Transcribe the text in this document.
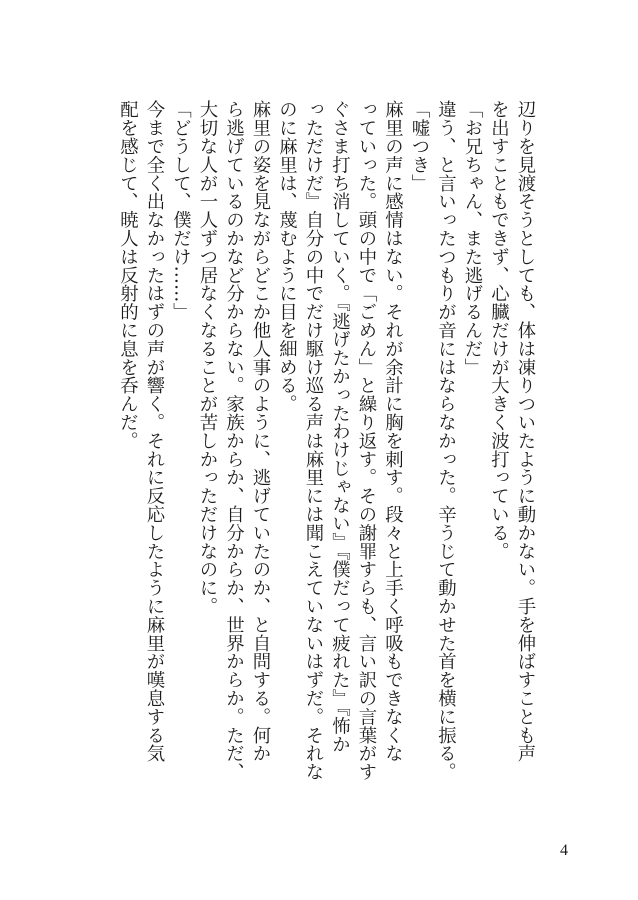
辺りを見渡そうとしても、体は凍りついたように動かない。手を伸ばすことも声

を出すこともできず、心臓だけが大きく波打っている。

「お兄ちゃん、また逃げるんだ」

違う、と言いったつもりが音にはならなかった。辛うじて動かせた首を横に振る。

「嘘つき」

麻里の声に感情はない。それが余計に胸を刺す。段々と上手く呼吸もできなくな

っていった。頭の中で「ごめん」と繰り返す。その謝罪すらも、言い訳の言葉がす

ぐさま打ち消していく。『逃げたかったわけじゃない』『僕だって疲れた』『怖か

っただけだ』自分の中でだけ駆け巡る声は麻里には聞こえていないはずだ。それな

のに麻里は、蔑むように目を細める。

麻里の姿を見ながらどこか他人事のように、逃げていたのか、と自問する。何か

ら逃げているのかなど分からない。家族からか、自分からか、世界からか。ただ、

大切な人が一人ずつ居なくなることが苦しかっただけなのに。

「どうして、僕だけ……」

今まで全く出なかったはずの声が響く。それに反応したように麻里が嘆息する気

配を感じて、暁人は反射的に息を呑んだ。

4
